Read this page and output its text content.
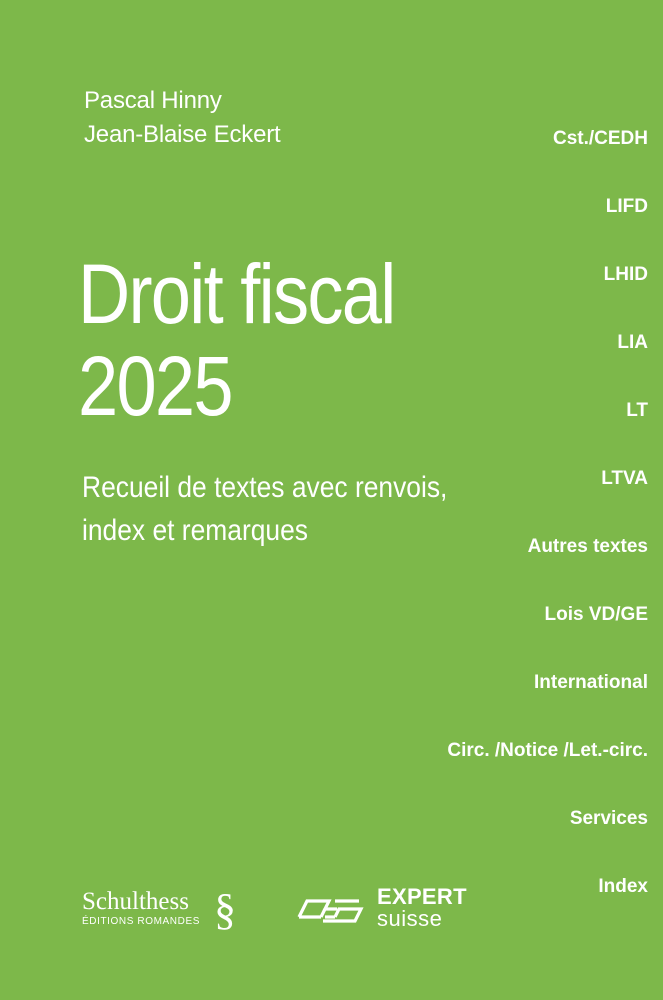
Pascal Hinny
Jean-Blaise Eckert
Droit fiscal
2025
Recueil de textes avec renvois,
index et remarques
Cst./CEDH
LIFD
LHID
LIA
LT
LTVA
Autres textes
Lois VD/GE
International
Circ. /Notice /Let.-circ.
Services
Index
Schulthess
ÉDITIONS ROMANDES §	EXPERT
suisse
